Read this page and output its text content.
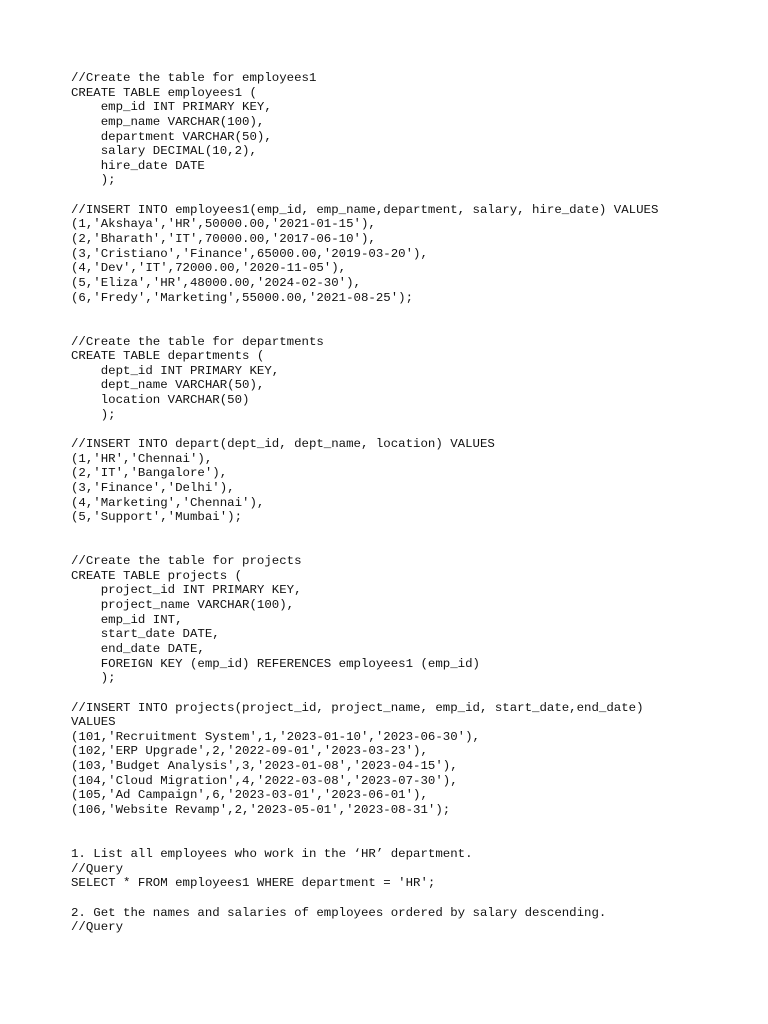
//Create the table for employees1
CREATE TABLE employees1 (
emp_id INT PRIMARY KEY,
emp_name VARCHAR(100),
department VARCHAR(50),
salary DECIMAL(10,2),
hire_date DATE
);
//INSERT INTO employees1(emp_id, emp_name,department, salary, hire_date) VALUES
(1,'Akshaya','HR',50000.00,'2021-01-15'),
(2,'Bharath','IT',70000.00,'2017-06-10'),
(3,'Cristiano','Finance',65000.00,'2019-03-20'),
(4,'Dev','IT',72000.00,'2020-11-05'),
(5,'Eliza','HR',48000.00,'2024-02-30'),
(6,'Fredy','Marketing',55000.00,'2021-08-25');
//Create the table for departments
CREATE TABLE departments (
dept_id INT PRIMARY KEY,
dept_name VARCHAR(50),
location VARCHAR(50)
);
//INSERT INTO depart(dept_id, dept_name, location) VALUES
(1,'HR','Chennai'),
(2,'IT','Bangalore'),
(3,'Finance','Delhi'),
(4,'Marketing','Chennai'),
(5,'Support','Mumbai');
//Create the table for projects
CREATE TABLE projects (
project_id INT PRIMARY KEY,
project_name VARCHAR(100),
emp_id INT,
start_date DATE,
end_date DATE,
FOREIGN KEY (emp_id) REFERENCES employees1 (emp_id)
);
//INSERT INTO projects(project_id, project_name, emp_id, start_date,end_date)
VALUES
(101,'Recruitment System',1,'2023-01-10','2023-06-30'),
(102,'ERP Upgrade',2,'2022-09-01','2023-03-23'),
(103,'Budget Analysis',3,'2023-01-08','2023-04-15'),
(104,'Cloud Migration',4,'2022-03-08','2023-07-30'),
(105,'Ad Campaign',6,'2023-03-01','2023-06-01'),
(106,'Website Revamp',2,'2023-05-01','2023-08-31');
1. List all employees who work in the ‘HR’ department.
//Query
SELECT * FROM employees1 WHERE department = 'HR';
2. Get the names and salaries of employees ordered by salary descending.
//Query
